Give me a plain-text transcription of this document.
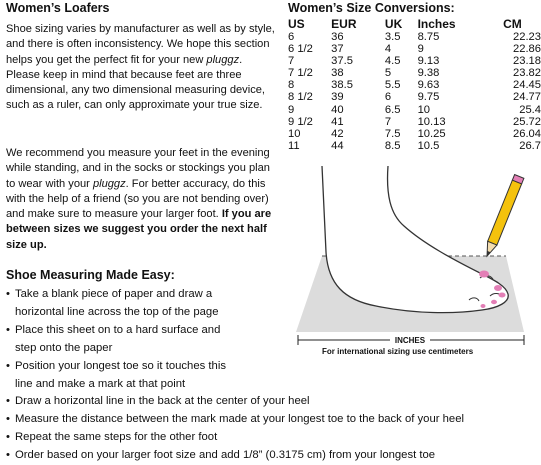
Women’s Loafers
Shoe sizing varies by manufacturer as well as by style, and there is often inconsistency. We hope this section helps you get the perfect fit for your new pluggz. Please keep in mind that because feet are three dimensional, any two dimensional measuring device, such as a ruler, can only approximate your true size.
We recommend you measure your feet in the evening while standing, and in the socks or stockings you plan to wear with your pluggz. For better accuracy, do this with the help of a friend (so you are not bending over) and make sure to measure your larger foot. If you are between sizes we suggest you order the next half size up.
Women’s Size Conversions:
US	EUR	UK	Inches	CM
6	36	3.5	8.75	22.23
6 1/2	37	4	9	22.86
7	37.5	4.5	9.13	23.18
7 1/2	38	5	9.38	23.82
8	38.5	5.5	9.63	24.45
8 1/2	39	6	9.75	24.77
9	40	6.5	10	25.4
9 1/2	41	7	10.13	25.72
10	42	7.5	10.25	26.04
11	44	8.5	10.5	26.7
Shoe Measuring Made Easy:
• Take a blank piece of paper and draw a
horizontal line across the top of the page
• Place this sheet on to a hard surface and
step onto the paper
• Position your longest toe so it touches this
line and make a mark at that point
• Draw a horizontal line in the back at the center of your heel
• Measure the distance between the mark made at your longest toe to the back of your heel
• Repeat the same steps for the other foot
• Order based on your larger foot size and add 1/8” (0.3175 cm) from your longest toe
INCHES
For international sizing use centimeters
